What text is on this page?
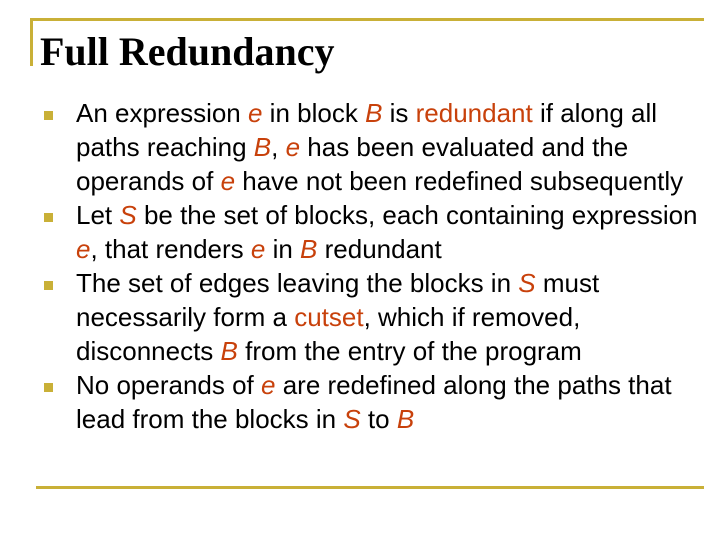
Full Redundancy
An expression e in block B is redundant if along all paths reaching B, e has been evaluated and the operands of e have not been redefined subsequently
Let S be the set of blocks, each containing expression e, that renders e in B redundant
The set of edges leaving the blocks in S must necessarily form a cutset, which if removed, disconnects B from the entry of the program
No operands of e are redefined along the paths that lead from the blocks in S to B
